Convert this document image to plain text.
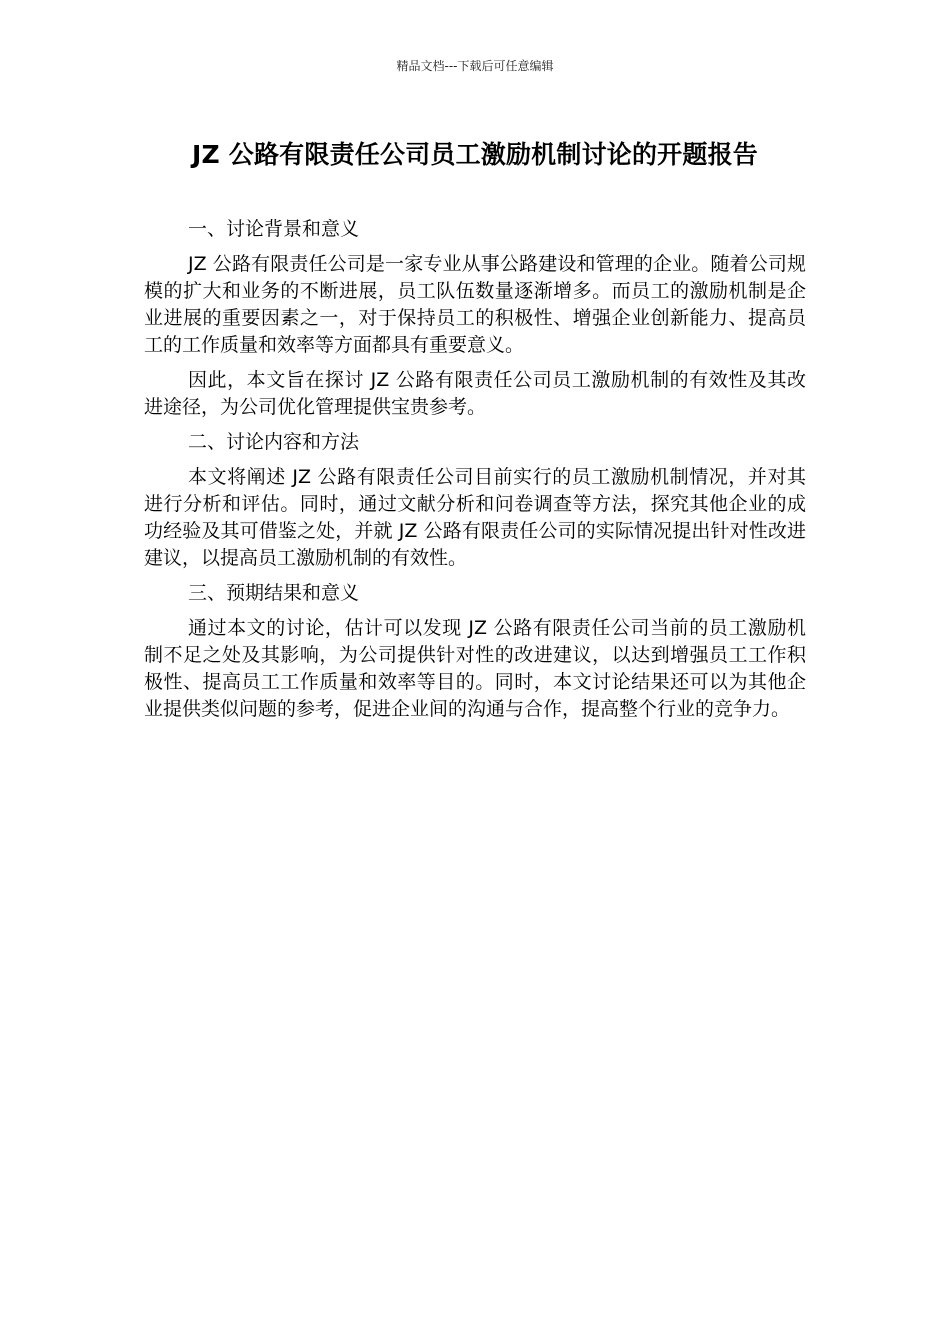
精品文档---下载后可任意编辑
JZ 公路有限责任公司员工激励机制讨论的开题报告

一、讨论背景和意义

JZ 公路有限责任公司是一家专业从事公路建设和管理的企业。随着公司规模的扩大和业务的不断进展，员工队伍数量逐渐增多。而员工的激励机制是企业进展的重要因素之一，对于保持员工的积极性、增强企业创新能力、提高员工的工作质量和效率等方面都具有重要意义。

因此，本文旨在探讨 JZ 公路有限责任公司员工激励机制的有效性及其改进途径，为公司优化管理提供宝贵参考。

二、讨论内容和方法

本文将阐述 JZ 公路有限责任公司目前实行的员工激励机制情况，并对其进行分析和评估。同时，通过文献分析和问卷调查等方法，探究其他企业的成功经验及其可借鉴之处，并就 JZ 公路有限责任公司的实际情况提出针对性改进建议，以提高员工激励机制的有效性。

三、预期结果和意义

通过本文的讨论，估计可以发现 JZ 公路有限责任公司当前的员工激励机制不足之处及其影响，为公司提供针对性的改进建议，以达到增强员工工作积极性、提高员工工作质量和效率等目的。同时，本文讨论结果还可以为其他企业提供类似问题的参考，促进企业间的沟通与合作，提高整个行业的竞争力。
